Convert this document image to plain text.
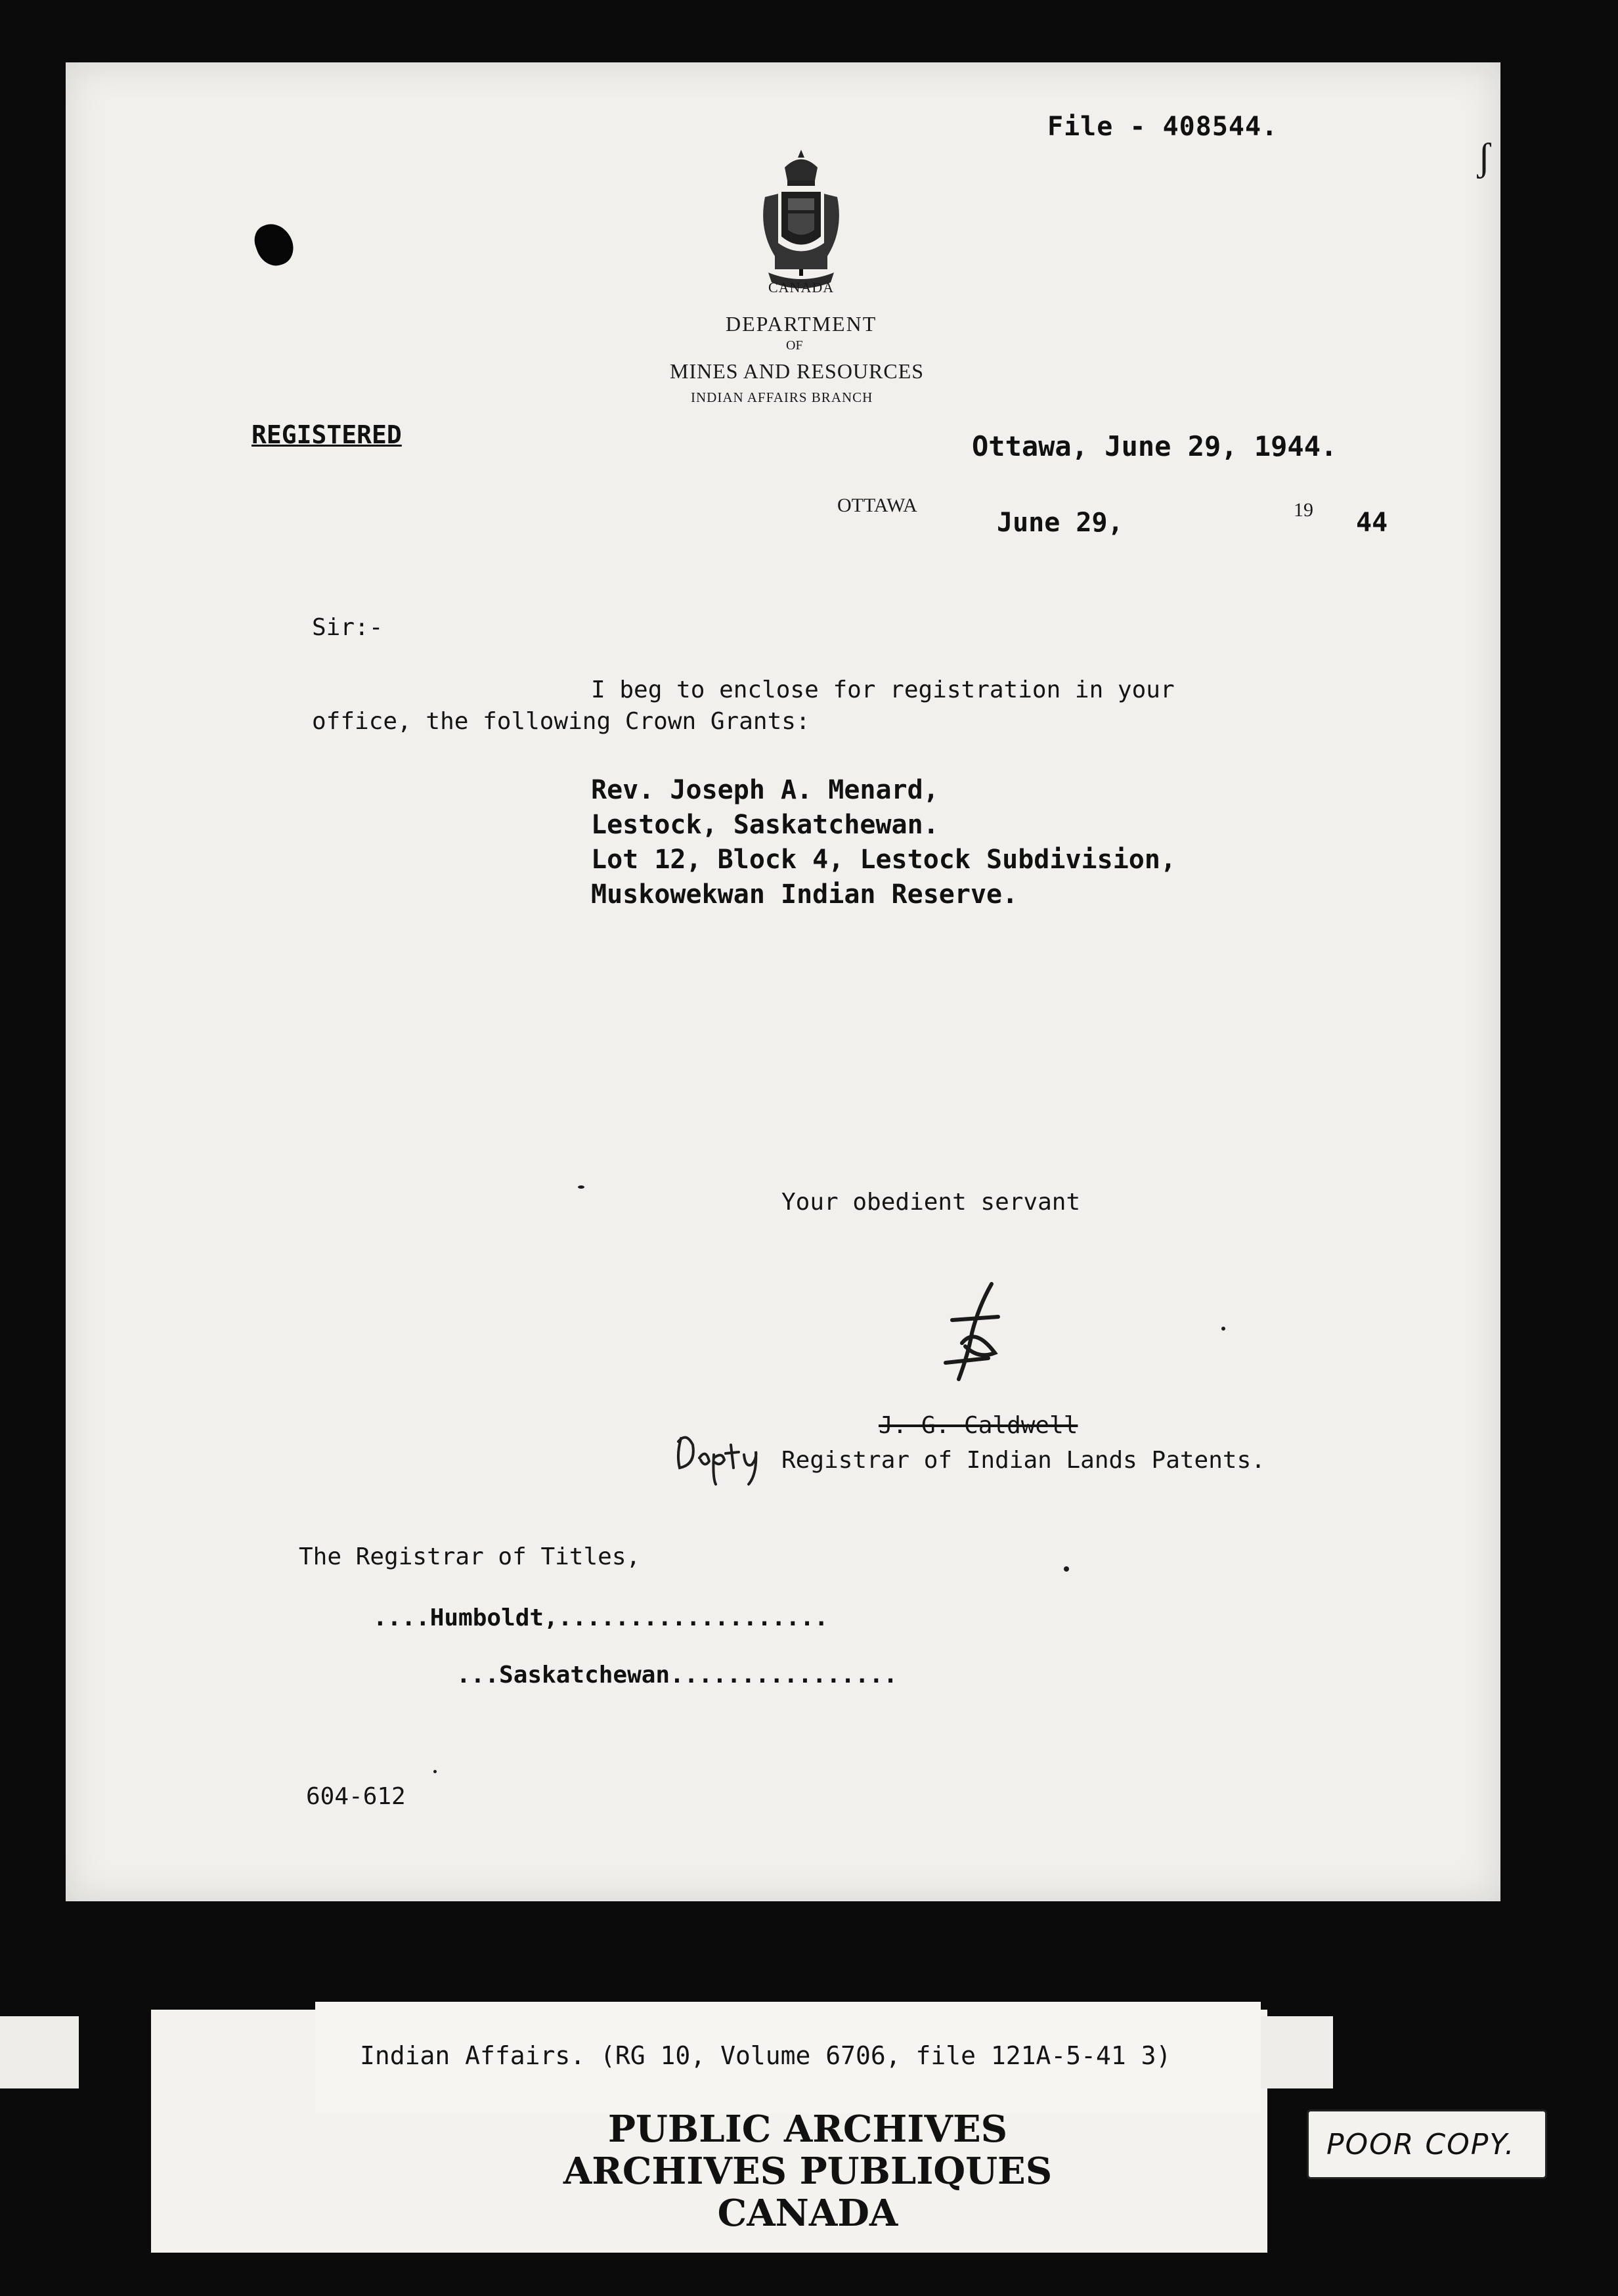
File - 408544.
ʃ
CANADA
DEPARTMENT
OF
MINES AND RESOURCES
INDIAN AFFAIRS BRANCH
REGISTERED	Ottawa, June 29, 1944.
OTTAWA
June 29,	19 44
Sir:-
I beg to enclose for registration in your
office, the following Crown Grants:
Rev. Joseph A. Menard,
Lestock, Saskatchewan.
Lot 12, Block 4, Lestock Subdivision,
Muskowekwan Indian Reserve.
Your obedient servant
J. G. Caldwell
Registrar of Indian Lands Patents.
The Registrar of Titles,
....Humboldt,...................
...Saskatchewan................
604-612
Indian Affairs. (RG 10, Volume 6706, file 121A-5-41 3)
PUBLIC ARCHIVES
ARCHIVES PUBLIQUES
CANADA
POOR COPY.
